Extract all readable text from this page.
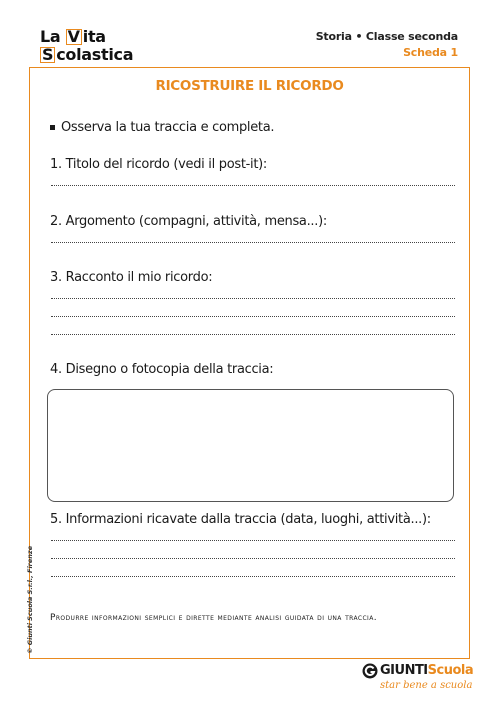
La V ita
S colastica
Storia • Classe seconda
Scheda 1
RICOSTRUIRE IL RICORDO
Osserva la tua traccia e completa.
1. Titolo del ricordo (vedi il post-it):
2. Argomento (compagni, attività, mensa...):
3. Racconto il mio ricordo:
4. Disegno o fotocopia della traccia:
5. Informazioni ricavate dalla traccia (data, luoghi, attività...):
Produrre informazioni semplici e dirette mediante analisi guidata di una traccia.
© Giunti Scuola S.r.l., Firenze
GIUNTIScuola
star bene a scuola
